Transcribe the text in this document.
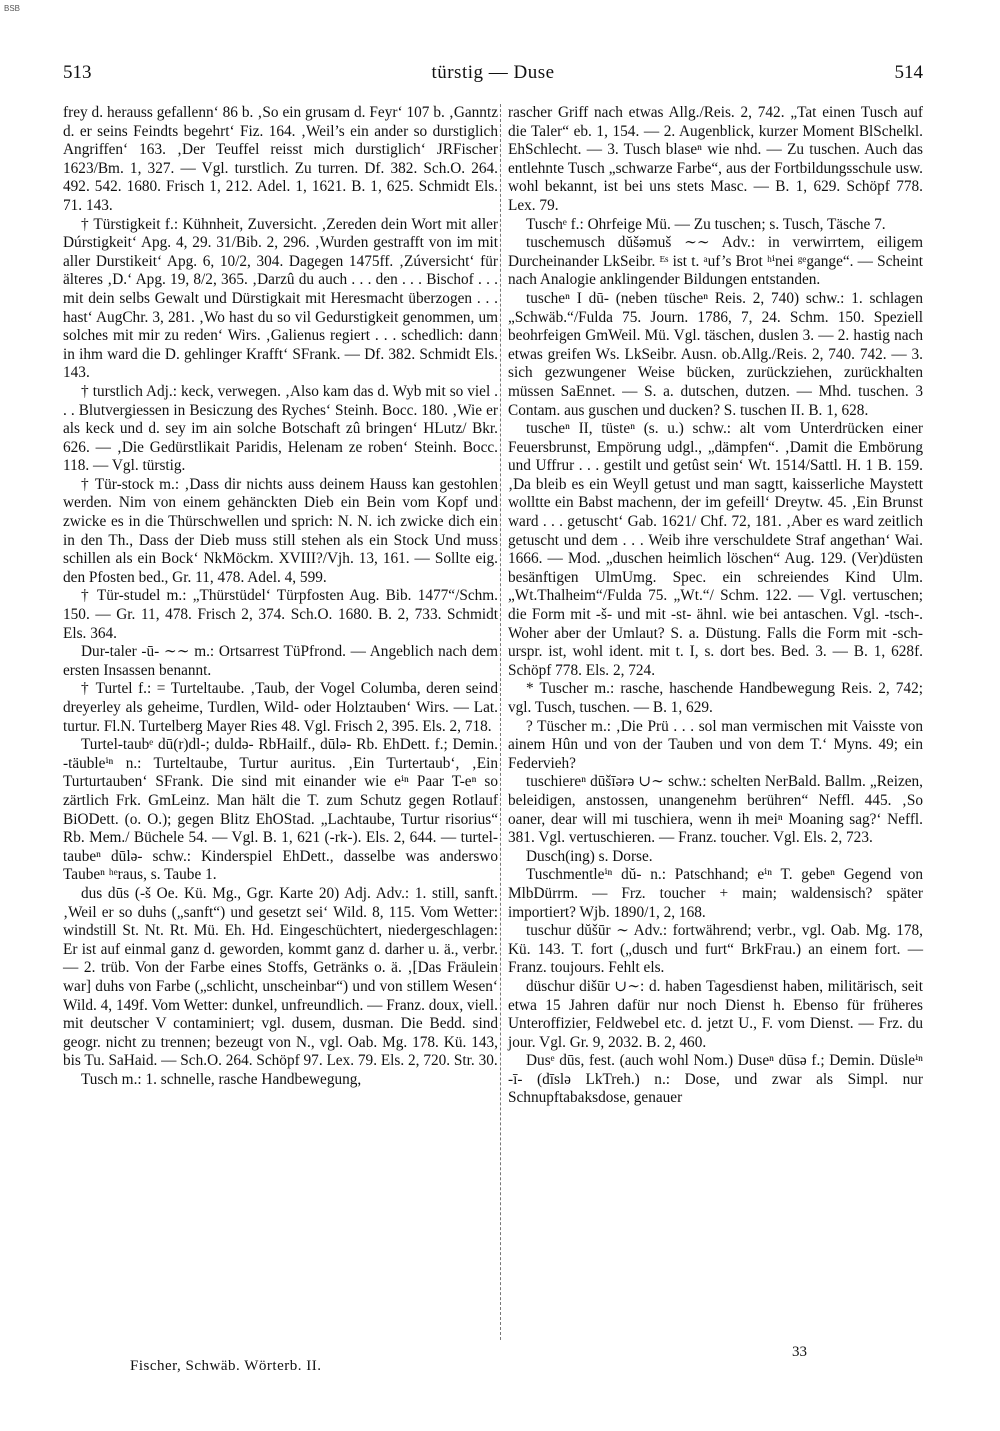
BSB
513	türstig — Duse	514

frey d. herauss gefallenn‘ 86 b. ‚So ein grusam d. Feyr‘ 107 b. ‚Ganntz d. er seins Feindts begehrt‘ Fiz. 164. ‚Weil’s ein ander so durstiglich Angriffen‘ 163. ‚Der Teuffel reisst mich durstiglich‘ JRFischer 1623/Bm. 1, 327. — Vgl. turstlich. Zu turren. Df. 382. Sch.O. 264. 492. 542. 1680. Frisch 1, 212. Adel. 1, 1621. B. 1, 625. Schmidt Els. 71. 143.

† Türstigkeit f.: Kühnheit, Zuversicht. ‚Zereden dein Wort mit aller Dúrstigkeit‘ Apg. 4, 29. 31/Bib. 2, 296. ‚Wurden gestrafft von im mit aller Durstikeit‘ Apg. 6, 10/2, 304. Dagegen 1475ff. ‚Zúversicht‘ für älteres ‚D.‘ Apg. 19, 8/2, 365. ‚Darzû du auch . . . den . . . Bischof . . . mit dein selbs Gewalt und Dürstigkait mit Heresmacht überzogen . . . hast‘ AugChr. 3, 281. ‚Wo hast du so vil Gedurstigkeit genommen, um solches mit mir zu reden‘ Wirs. ‚Galienus regiert . . . schedlich: dann in ihm ward die D. gehlinger Krafft‘ SFrank. — Df. 382. Schmidt Els. 143.

† turstlich Adj.: keck, verwegen. ‚Also kam das d. Wyb mit so viel . . . Blutvergiessen in Besiczung des Ryches‘ Steinh. Bocc. 180. ‚Wie er als keck und d. sey im ain solche Botschaft zû bringen‘ HLutz/ Bkr. 626. — ‚Die Gedürstlikait Paridis, Helenam ze roben‘ Steinh. Bocc. 118. — Vgl. türstig.

† Tür-stock m.: ‚Dass dir nichts auss deinem Hauss kan gestohlen werden. Nim von einem gehänckten Dieb ein Bein vom Kopf und zwicke es in die Thürschwellen und sprich: N. N. ich zwicke dich ein in den Th., Dass der Dieb muss still stehen als ein Stock Und muss schillen als ein Bock‘ NkMöckm. XVIII?/Vjh. 13, 161. — Sollte eig. den Pfosten bed., Gr. 11, 478. Adel. 4, 599.

† Tür-studel m.: „Thürstüdel‘ Türpfosten Aug. Bib. 1477“/Schm. 150. — Gr. 11, 478. Frisch 2, 374. Sch.O. 1680. B. 2, 733. Schmidt Els. 364.

Dur-taler -ū- ∼∼ m.: Ortsarrest TüPfrond. — Angeblich nach dem ersten Insassen benannt.

† Turtel f.: = Turteltaube. ‚Taub, der Vogel Columba, deren seind dreyerley als geheime, Turdlen, Wild- oder Holztauben‘ Wirs. — Lat. turtur. Fl.N. Turtelberg Mayer Ries 48. Vgl. Frisch 2, 395. Els. 2, 718.

Turtel-taubᵉ dū(r)dl-; duldə- RbHailf., dūlə- Rb. EhDett. f.; Demin. -täubleⁱⁿ n.: Turteltaube, Turtur auritus. ‚Ein Turtertaub‘, ‚Ein Turturtauben‘ SFrank. Die sind mit einander wie eⁱⁿ Paar T-eⁿ so zärtlich Frk. GmLeinz. Man hält die T. zum Schutz gegen Rotlauf BiODett. (o. O.); gegen Blitz EhOStad. „Lachtaube, Turtur risorius“ Rb. Mem./ Büchele 54. — Vgl. B. 1, 621 (-rk-). Els. 2, 644. — turtel-taubeⁿ dūlə- schw.: Kinderspiel EhDett., dasselbe was anderswo Taubeⁿ ʰᵉraus, s. Taube 1.

dus dūs (-š Oe. Kü. Mg., Ggr. Karte 20) Adj. Adv.: 1. still, sanft. ‚Weil er so duhs („sanft“) und gesetzt sei‘ Wild. 8, 115. Vom Wetter: windstill St. Nt. Rt. Mü. Eh. Hd. Eingeschüchtert, niedergeschlagen: Er ist auf einmal ganz d. geworden, kommt ganz d. darher u. ä., verbr. — 2. trüb. Von der Farbe eines Stoffs, Getränks o. ä. ‚[Das Fräulein war] duhs von Farbe („schlicht, unscheinbar“) und von stillem Wesen‘ Wild. 4, 149f. Vom Wetter: dunkel, unfreundlich. — Franz. doux, viell. mit deutscher V contaminiert; vgl. dusem, dusman. Die Bedd. sind geogr. nicht zu trennen; bezeugt von N., vgl. Oab. Mg. 178. Kü. 143, bis Tu. SaHaid. — Sch.O. 264. Schöpf 97. Lex. 79. Els. 2, 720. Str. 30.

Tusch m.: 1. schnelle, rasche Handbewegung,

rascher Griff nach etwas Allg./Reis. 2, 742. „Tat einen Tusch auf die Taler“ eb. 1, 154. — 2. Augenblick, kurzer Moment BlSchelkl. EhSchlecht. — 3. Tusch blaseⁿ wie nhd. — Zu tuschen. Auch das entlehnte Tusch „schwarze Farbe“, aus der Fortbildungsschule usw. wohl bekannt, ist bei uns stets Masc. — B. 1, 629. Schöpf 778. Lex. 79.

Tuschᵉ f.: Ohrfeige Mü. — Zu tuschen; s. Tusch, Täsche 7.

tuschemusch dŭšəmuš ∼∼ Adv.: in verwirrtem, eiligem Durcheinander LkSeibr. ᴱˢ ist t. ᵃuf’s Brot ʰⁱnei ᵍᵉgange“. — Scheint nach Analogie anklingender Bildungen entstanden.

tuscheⁿ I dū- (neben tüscheⁿ Reis. 2, 740) schw.: 1. schlagen „Schwäb.“/Fulda 75. Journ. 1786, 7, 24. Schm. 150. Speziell beohrfeigen GmWeil. Mü. Vgl. täschen, duslen 3. — 2. hastig nach etwas greifen Ws. LkSeibr. Ausn. ob.Allg./Reis. 2, 740. 742. — 3. sich gezwungener Weise bücken, zurückziehen, zurückhalten müssen SaEnnet. — S. a. dutschen, dutzen. — Mhd. tuschen. 3 Contam. aus guschen und ducken? S. tuschen II. B. 1, 628.

tuscheⁿ II, tüsteⁿ (s. u.) schw.: alt vom Unterdrücken einer Feuersbrunst, Empörung udgl., „dämpfen“. ‚Damit die Embörung und Uffrur . . . gestilt und getûst sein‘ Wt. 1514/Sattl. H. 1 B. 159. ‚Da bleib es ein Weyll getust und man sagtt, kaisserliche Maystett wolltte ein Babst machenn, der im gefeill‘ Dreytw. 45. ‚Ein Brunst ward . . . getuscht‘ Gab. 1621/ Chf. 72, 181. ‚Aber es ward zeitlich getuscht und dem . . . Weib ihre verschuldete Straf angethan‘ Wai. 1666. — Mod. „duschen heimlich löschen“ Aug. 129. (Ver)düsten besänftigen UlmUmg. Spec. ein schreiendes Kind Ulm. „Wt.Thalheim“/Fulda 75. „Wt.“/ Schm. 122. — Vgl. vertuschen; die Form mit -š- und mit -st- ähnl. wie bei antaschen. Vgl. -tsch-. Woher aber der Umlaut? S. a. Düstung. Falls die Form mit -sch- urspr. ist, wohl ident. mit t. I, s. dort bes. Bed. 3. — B. 1, 628f. Schöpf 778. Els. 2, 724.

* Tuscher m.: rasche, haschende Handbewegung Reis. 2, 742; vgl. Tusch, tuschen. — B. 1, 629.

? Tüscher m.: ‚Die Prü . . . sol man vermischen mit Vaisste von ainem Hûn und von der Tauben und von dem T.‘ Myns. 49; ein Federvieh?

tuschiereⁿ dūšīərə ∪∼ schw.: schelten NerBald. Ballm. „Reizen, beleidigen, anstossen, unangenehm berühren“ Neffl. 445. ‚So oaner, dear will mi tuschiera, wenn ih meiⁿ Moaning sag?‘ Neffl. 381. Vgl. vertuschieren. — Franz. toucher. Vgl. Els. 2, 723.

Dusch(ing) s. Dorse.

Tuschmentleⁱⁿ dŭ- n.: Patschhand; eⁱⁿ T. gebeⁿ Gegend von MlbDürrm. — Frz. toucher + main; waldensisch? später importiert? Wjb. 1890/1, 2, 168.

tuschur dŭšūr ∼ Adv.: fortwährend; verbr., vgl. Oab. Mg. 178, Kü. 143. T. fort („dusch und furt“ BrkFrau.) an einem fort. — Franz. toujours. Fehlt els.

düschur dišūr ∪∼: d. haben Tagesdienst haben, militärisch, seit etwa 15 Jahren dafür nur noch Dienst h. Ebenso für früheres Unteroffizier, Feldwebel etc. d. jetzt U., F. vom Dienst. — Frz. du jour. Vgl. Gr. 9, 2032. B. 2, 460.

Dusᵉ dūs, fest. (auch wohl Nom.) Duseⁿ dūsə f.; Demin. Düsleⁱⁿ -ī- (dīslə LkTreh.) n.: Dose, und zwar als Simpl. nur Schnupftabaksdose, genauer

Fischer, Schwäb. Wörterb. II.
33
